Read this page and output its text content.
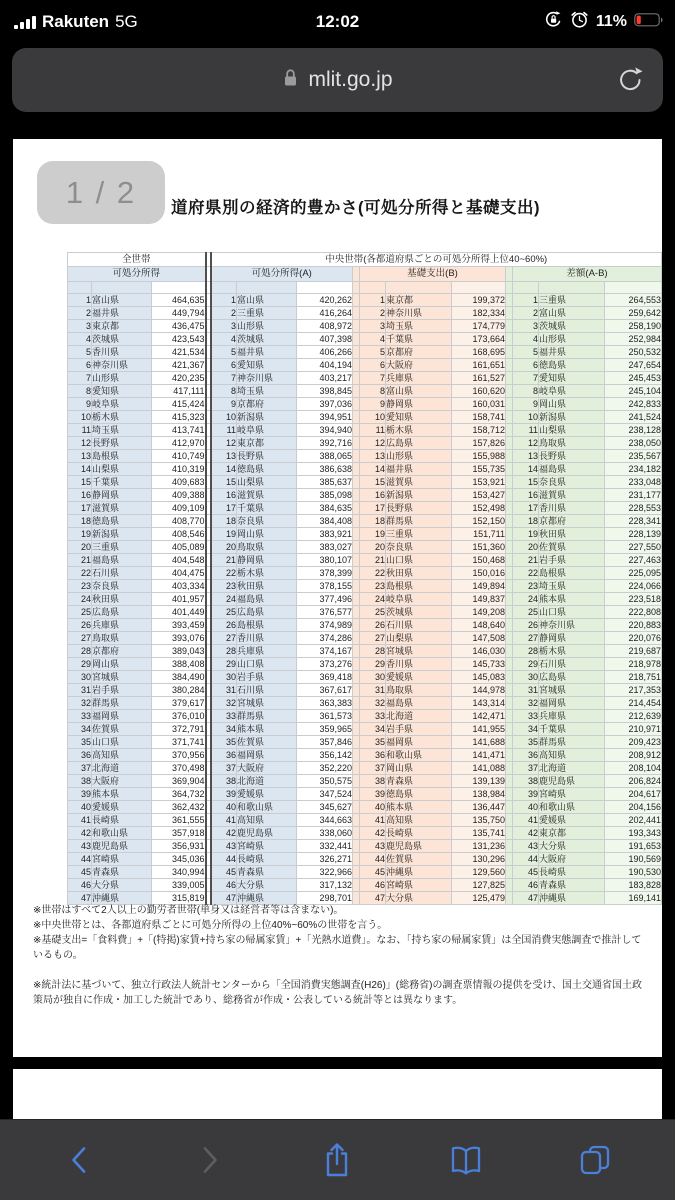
Rakuten 5G	12:02	11%
mlit.go.jp
1 / 2	道府県別の経済的豊かさ(可処分所得と基礎支出)
全世帯				中央世帯(各都道府県ごとの可処分所得上位40~60%)										
可処分所得				可処分所得(A)				基礎支出(B)				差額(A-B)		

1	富山県	464,635		1	富山県	420,262		1	東京都	199,372		1	三重県	264,553
2	福井県	449,794		2	三重県	416,264		2	神奈川県	182,334		2	富山県	259,642
3	東京都	436,475		3	山形県	408,972		3	埼玉県	174,779		3	茨城県	258,190
4	茨城県	423,543		4	茨城県	407,398		4	千葉県	173,664		4	山形県	252,984
5	香川県	421,534		5	福井県	406,266		5	京都府	168,695		5	福井県	250,532
6	神奈川県	421,367		6	愛知県	404,194		6	大阪府	161,651		6	徳島県	247,654
7	山形県	420,235		7	神奈川県	403,217		7	兵庫県	161,527		7	愛知県	245,453
8	愛知県	417,111		8	埼玉県	398,845		8	富山県	160,620		8	岐阜県	245,104
9	岐阜県	415,424		9	京都府	397,036		9	静岡県	160,031		9	岡山県	242,833
10	栃木県	415,323		10	新潟県	394,951		10	愛知県	158,741		10	新潟県	241,524
11	埼玉県	413,741		11	岐阜県	394,940		11	栃木県	158,712		11	山梨県	238,128
12	長野県	412,970		12	東京都	392,716		12	広島県	157,826		12	鳥取県	238,050
13	島根県	410,749		13	長野県	388,065		13	山形県	155,988		13	長野県	235,567
14	山梨県	410,319		14	徳島県	386,638		14	福井県	155,735		14	福島県	234,182
15	千葉県	409,683		15	山梨県	385,637		15	滋賀県	153,921		15	奈良県	233,048
16	静岡県	409,388		16	滋賀県	385,098		16	新潟県	153,427		16	滋賀県	231,177
17	滋賀県	409,109		17	千葉県	384,635		17	長野県	152,498		17	香川県	228,553
18	徳島県	408,770		18	奈良県	384,408		18	群馬県	152,150		18	京都府	228,341
19	新潟県	408,546		19	岡山県	383,921		19	三重県	151,711		19	秋田県	228,139
20	三重県	405,089		20	鳥取県	383,027		20	奈良県	151,360		20	佐賀県	227,550
21	福島県	404,548		21	静岡県	380,107		21	山口県	150,468		21	岩手県	227,463
22	石川県	404,475		22	栃木県	378,399		22	秋田県	150,016		22	島根県	225,095
23	奈良県	403,334		23	秋田県	378,155		23	島根県	149,894		23	埼玉県	224,066
24	秋田県	401,957		24	福島県	377,496		24	岐阜県	149,837		24	熊本県	223,518
25	広島県	401,449		25	広島県	376,577		25	茨城県	149,208		25	山口県	222,808
26	兵庫県	393,459		26	島根県	374,989		26	石川県	148,640		26	神奈川県	220,883
27	鳥取県	393,076		27	香川県	374,286		27	山梨県	147,508		27	静岡県	220,076
28	京都府	389,043		28	兵庫県	374,167		28	宮城県	146,030		28	栃木県	219,687
29	岡山県	388,408		29	山口県	373,276		29	香川県	145,733		29	石川県	218,978
30	宮城県	384,490		30	岩手県	369,418		30	愛媛県	145,083		30	広島県	218,751
31	岩手県	380,284		31	石川県	367,617		31	鳥取県	144,978		31	宮城県	217,353
32	群馬県	379,617		32	宮城県	363,383		32	福島県	143,314		32	福岡県	214,454
33	福岡県	376,010		33	群馬県	361,573		33	北海道	142,471		33	兵庫県	212,639
34	佐賀県	372,791		34	熊本県	359,965		34	岩手県	141,955		34	千葉県	210,971
35	山口県	371,741		35	佐賀県	357,846		35	福岡県	141,688		35	群馬県	209,423
36	高知県	370,956		36	福岡県	356,142		36	和歌山県	141,471		36	高知県	208,912
37	北海道	370,498		37	大阪府	352,220		37	岡山県	141,088		37	北海道	208,104
38	大阪府	369,904		38	北海道	350,575		38	青森県	139,139		38	鹿児島県	206,824
39	熊本県	364,732		39	愛媛県	347,524		39	徳島県	138,984		39	宮崎県	204,617
40	愛媛県	362,432		40	和歌山県	345,627		40	熊本県	136,447		40	和歌山県	204,156
41	長崎県	361,555		41	高知県	344,663		41	高知県	135,750		41	愛媛県	202,441
42	和歌山県	357,918		42	鹿児島県	338,060		42	長崎県	135,741		42	東京都	193,343
43	鹿児島県	356,931		43	宮崎県	332,441		43	鹿児島県	131,236		43	大分県	191,653
44	宮崎県	345,036		44	長崎県	326,271		44	佐賀県	130,296		44	大阪府	190,569
45	青森県	340,994		45	青森県	322,966		45	沖縄県	129,560		45	長崎県	190,530
46	大分県	339,005		46	大分県	317,132		46	宮崎県	127,825		46	青森県	183,828
47	沖縄県	315,819		47	沖縄県	298,701		47	大分県	125,479		47	沖縄県	169,141

※世帯はすべて2人以上の勤労者世帯(単身又は経営者等は含まない)。

※中央世帯とは、各都道府県ごとに可処分所得の上位40%~60%の世帯を言う。

※基礎支出=「食料費」+「(特掲)家賃+持ち家の帰属家賃」+「光熱水道費」。なお、「持ち家の帰属家賃」は全国消費実態調査で推計しているもの。

※統計法に基づいて、独立行政法人統計センターから「全国消費実態調査(H26)」(総務省)の調査票情報の提供を受け、国土交通省国土政策局が独自に作成・加工した統計であり、総務省が作成・公表している統計等とは異なります。
